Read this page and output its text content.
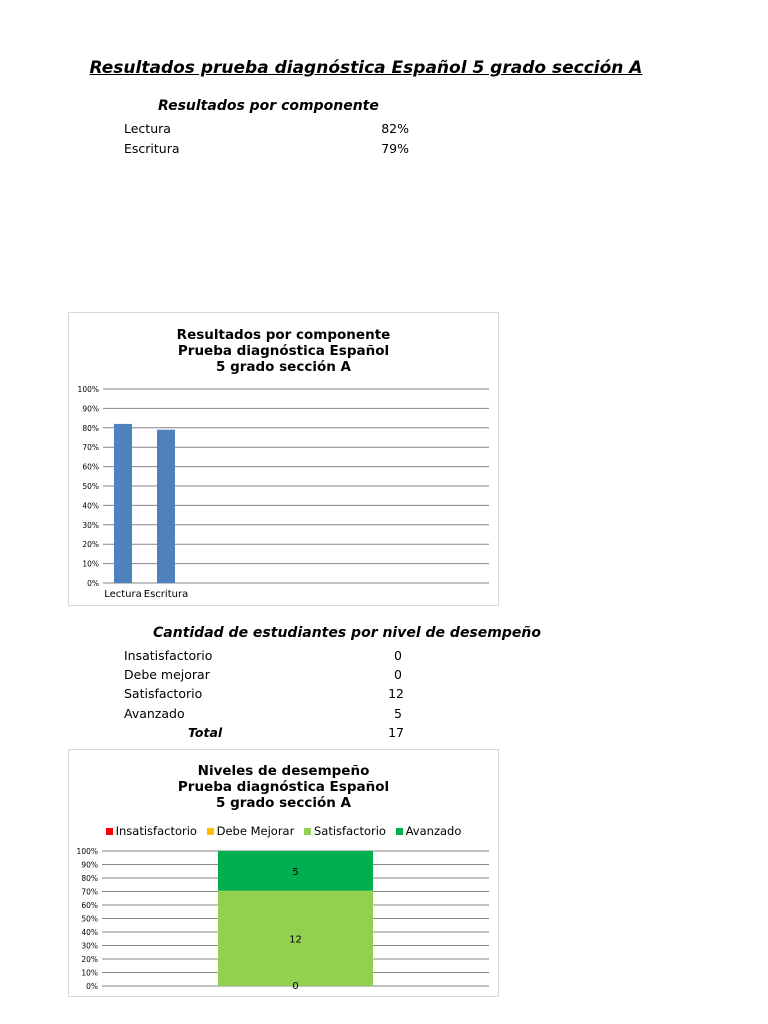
Resultados prueba diagnóstica Español 5 grado sección A
Resultados por componente
Lectura	82%
Escritura	79%
Resultados por componente
Prueba diagnóstica Español
5 grado sección A
0%
10%
20%
30%
40%
50%
60%
70%
80%
90%
100%
Lectura Escritura
Cantidad de estudiantes por nivel de desempeño
Insatisfactorio	0
Debe mejorar	0
Satisfactorio	12
Avanzado	5
Total	17
Niveles de desempeño
Prueba diagnóstica Español
5 grado sección A
Insatisfactorio Debe Mejorar Satisfactorio Avanzado
0%
10%
20%
30%
40%
50%
60%
70%
80%
90%
100%
12
5
0
